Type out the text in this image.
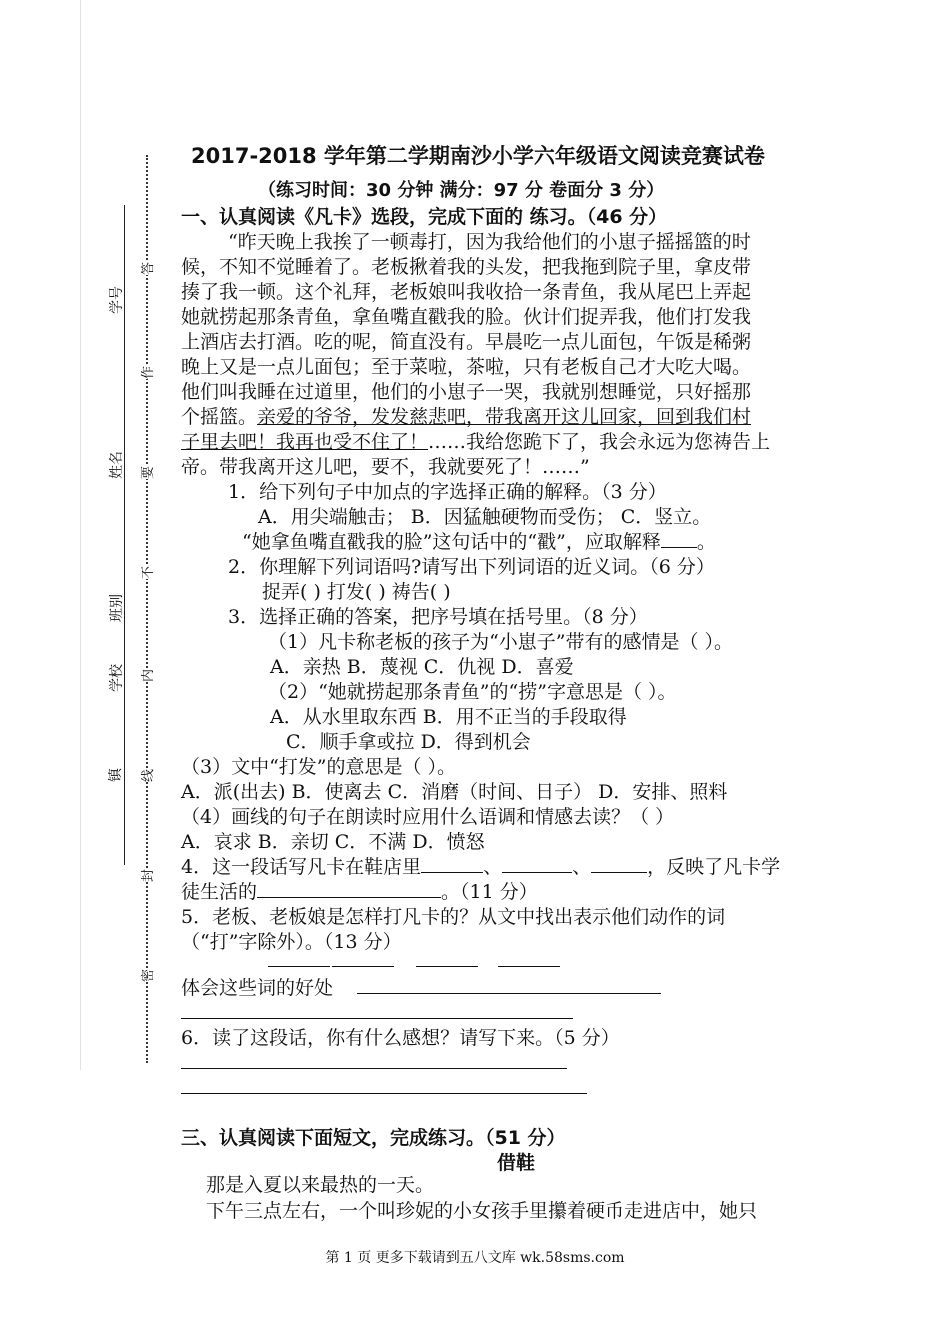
学号
姓名
班别
学校
镇
答
作
要
不
内
线
封
密
2017-2018 学年第二学期南沙小学六年级语文阅读竞赛试卷
（练习时间：30 分钟 满分：97 分 卷面分 3 分）
一、认真阅读《凡卡》选段，完成下面的 练习。（46 分）
“昨天晚上我挨了一顿毒打，因为我给他们的小崽子摇摇篮的时
候，不知不觉睡着了。老板揪着我的头发，把我拖到院子里，拿皮带
揍了我一顿。这个礼拜，老板娘叫我收拾一条青鱼，我从尾巴上弄起
她就捞起那条青鱼，拿鱼嘴直戳我的脸。伙计们捉弄我，他们打发我
上酒店去打酒。吃的呢，简直没有。早晨吃一点儿面包，午饭是稀粥
晚上又是一点儿面包；至于菜啦，茶啦，只有老板自己才大吃大喝。
他们叫我睡在过道里，他们的小崽子一哭，我就别想睡觉，只好摇那
个摇篮。亲爱的爷爷，发发慈悲吧，带我离开这儿回家，回到我们村
子里去吧！我再也受不住了！……我给您跪下了，我会永远为您祷告上
帝。带我离开这儿吧，要不，我就要死了！……”
1．给下列句子中加点的字选择正确的解释。（3 分）
A．用尖端触击； B．因猛触硬物而受伤； C．竖立。
“她拿鱼嘴直戳我的脸”这句话中的“戳”，应取解释 。
2．你理解下列词语吗?请写出下列词语的近义词。（6 分）
捉弄( ) 打发( ) 祷告( )
3．选择正确的答案，把序号填在括号里。（8 分）
（1）凡卡称老板的孩子为“小崽子”带有的感情是（ ）。
A．亲热 B．蔑视 C．仇视 D．喜爱
（2）“她就捞起那条青鱼”的“捞”字意思是（ ）。
A．从水里取东西 B．用不正当的手段取得
C．顺手拿或拉 D．得到机会
（3）文中“打发”的意思是（ ）。
A．派(出去) B．使离去 C．消磨（时间、日子） D．安排、照料
（4）画线的句子在朗读时应用什么语调和情感去读？（ ）
A．哀求 B．亲切 C．不满 D．愤怒
4．这一段话写凡卡在鞋店里	、	、	，反映了凡卡学
徒生活的	。（11 分）
5．老板、老板娘是怎样打凡卡的？从文中找出表示他们动作的词
（“打”字除外）。（13 分）
体会这些词的好处
6．读了这段话，你有什么感想？请写下来。（5 分）
三、认真阅读下面短文，完成练习。（51 分）
借鞋
那是入夏以来最热的一天。
下午三点左右，一个叫珍妮的小女孩手里攥着硬币走进店中，她只
第 1 页 更多下载请到五八文库 wk.58sms.com
